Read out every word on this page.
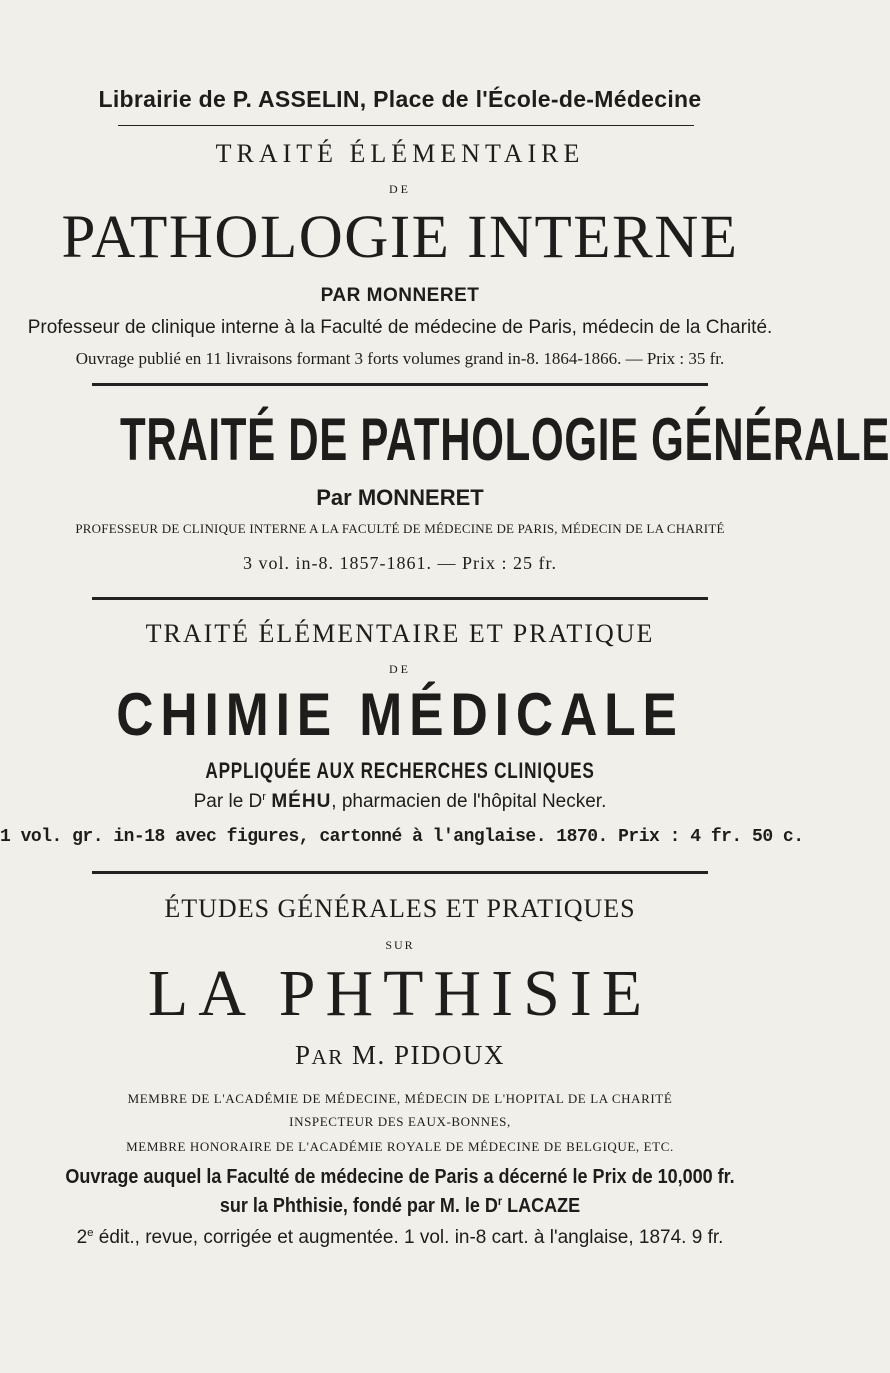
Librairie de P. ASSELIN, Place de l'École-de-Médecine
TRAITÉ ÉLÉMENTAIRE
DE
PATHOLOGIE INTERNE
PAR MONNERET
Professeur de clinique interne à la Faculté de médecine de Paris, médecin de la Charité.
Ouvrage publié en 11 livraisons formant 3 forts volumes grand in-8. 1864-1866. — Prix : 35 fr.
TRAITÉ DE PATHOLOGIE GÉNÉRALE
Par MONNERET
PROFESSEUR DE CLINIQUE INTERNE A LA FACULTÉ DE MÉDECINE DE PARIS, MÉDECIN DE LA CHARITÉ
3 vol. in-8. 1857-1861. — Prix : 25 fr.
TRAITÉ ÉLÉMENTAIRE ET PRATIQUE
DE
CHIMIE MÉDICALE
APPLIQUÉE AUX RECHERCHES CLINIQUES
Par le $D^r$ MÉHU, pharmacien de l'hôpital Necker.
1 vol. gr. in-18 avec figures, cartonné à l'anglaise. 1870. Prix : 4 fr. 50 c.
ÉTUDES GÉNÉRALES ET PRATIQUES
SUR
LA PHTHISIE
PAR M. PIDOUX
MEMBRE DE L'ACADÉMIE DE MÉDECINE, MÉDECIN DE L'HOPITAL DE LA CHARITÉ
INSPECTEUR DES EAUX-BONNES,
MEMBRE HONORAIRE DE L'ACADÉMIE ROYALE DE MÉDECINE DE BELGIQUE, ETC.
Ouvrage auquel la Faculté de médecine de Paris a décerné le Prix de 10,000 fr.
sur la Phthisie, fondé par M. le $D^r$ LACAZE
2e édit., revue, corrigée et augmentée. 1 vol. in-8 cart. à l'anglaise, 1874. 9 fr.
